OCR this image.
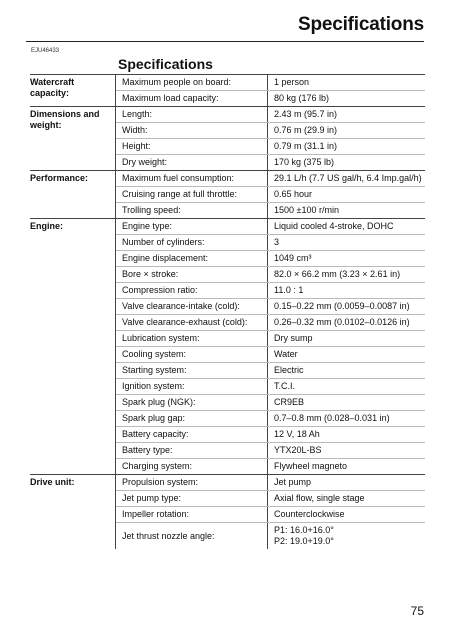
Specifications
EJU46433
Specifications
Watercraft capacity:	Maximum people on board:	1 person
	Maximum load capacity:	80 kg (176 lb)
Dimensions and weight:	Length:	2.43 m (95.7 in)
	Width:	0.76 m (29.9 in)
	Height:	0.79 m (31.1 in)
	Dry weight:	170 kg (375 lb)
Performance:	Maximum fuel consumption:	29.1 L/h (7.7 US gal/h, 6.4 Imp.gal/h)
	Cruising range at full throttle:	0.65 hour
	Trolling speed:	1500 ±100 r/min
Engine:	Engine type:	Liquid cooled 4-stroke, DOHC
	Number of cylinders:	3
	Engine displacement:	1049 cm³
	Bore × stroke:	82.0 × 66.2 mm (3.23 × 2.61 in)
	Compression ratio:	11.0 : 1
	Valve clearance-intake (cold):	0.15–0.22 mm (0.0059–0.0087 in)
	Valve clearance-exhaust (cold):	0.26–0.32 mm (0.0102–0.0126 in)
	Lubrication system:	Dry sump
	Cooling system:	Water
	Starting system:	Electric
	Ignition system:	T.C.I.
	Spark plug (NGK):	CR9EB
	Spark plug gap:	0.7–0.8 mm (0.028–0.031 in)
	Battery capacity:	12 V, 18 Ah
	Battery type:	YTX20L-BS
	Charging system:	Flywheel magneto
Drive unit:	Propulsion system:	Jet pump
	Jet pump type:	Axial flow, single stage
	Impeller rotation:	Counterclockwise
	Jet thrust nozzle angle:	P1: 16.0+16.0°
P2: 19.0+19.0°
75
